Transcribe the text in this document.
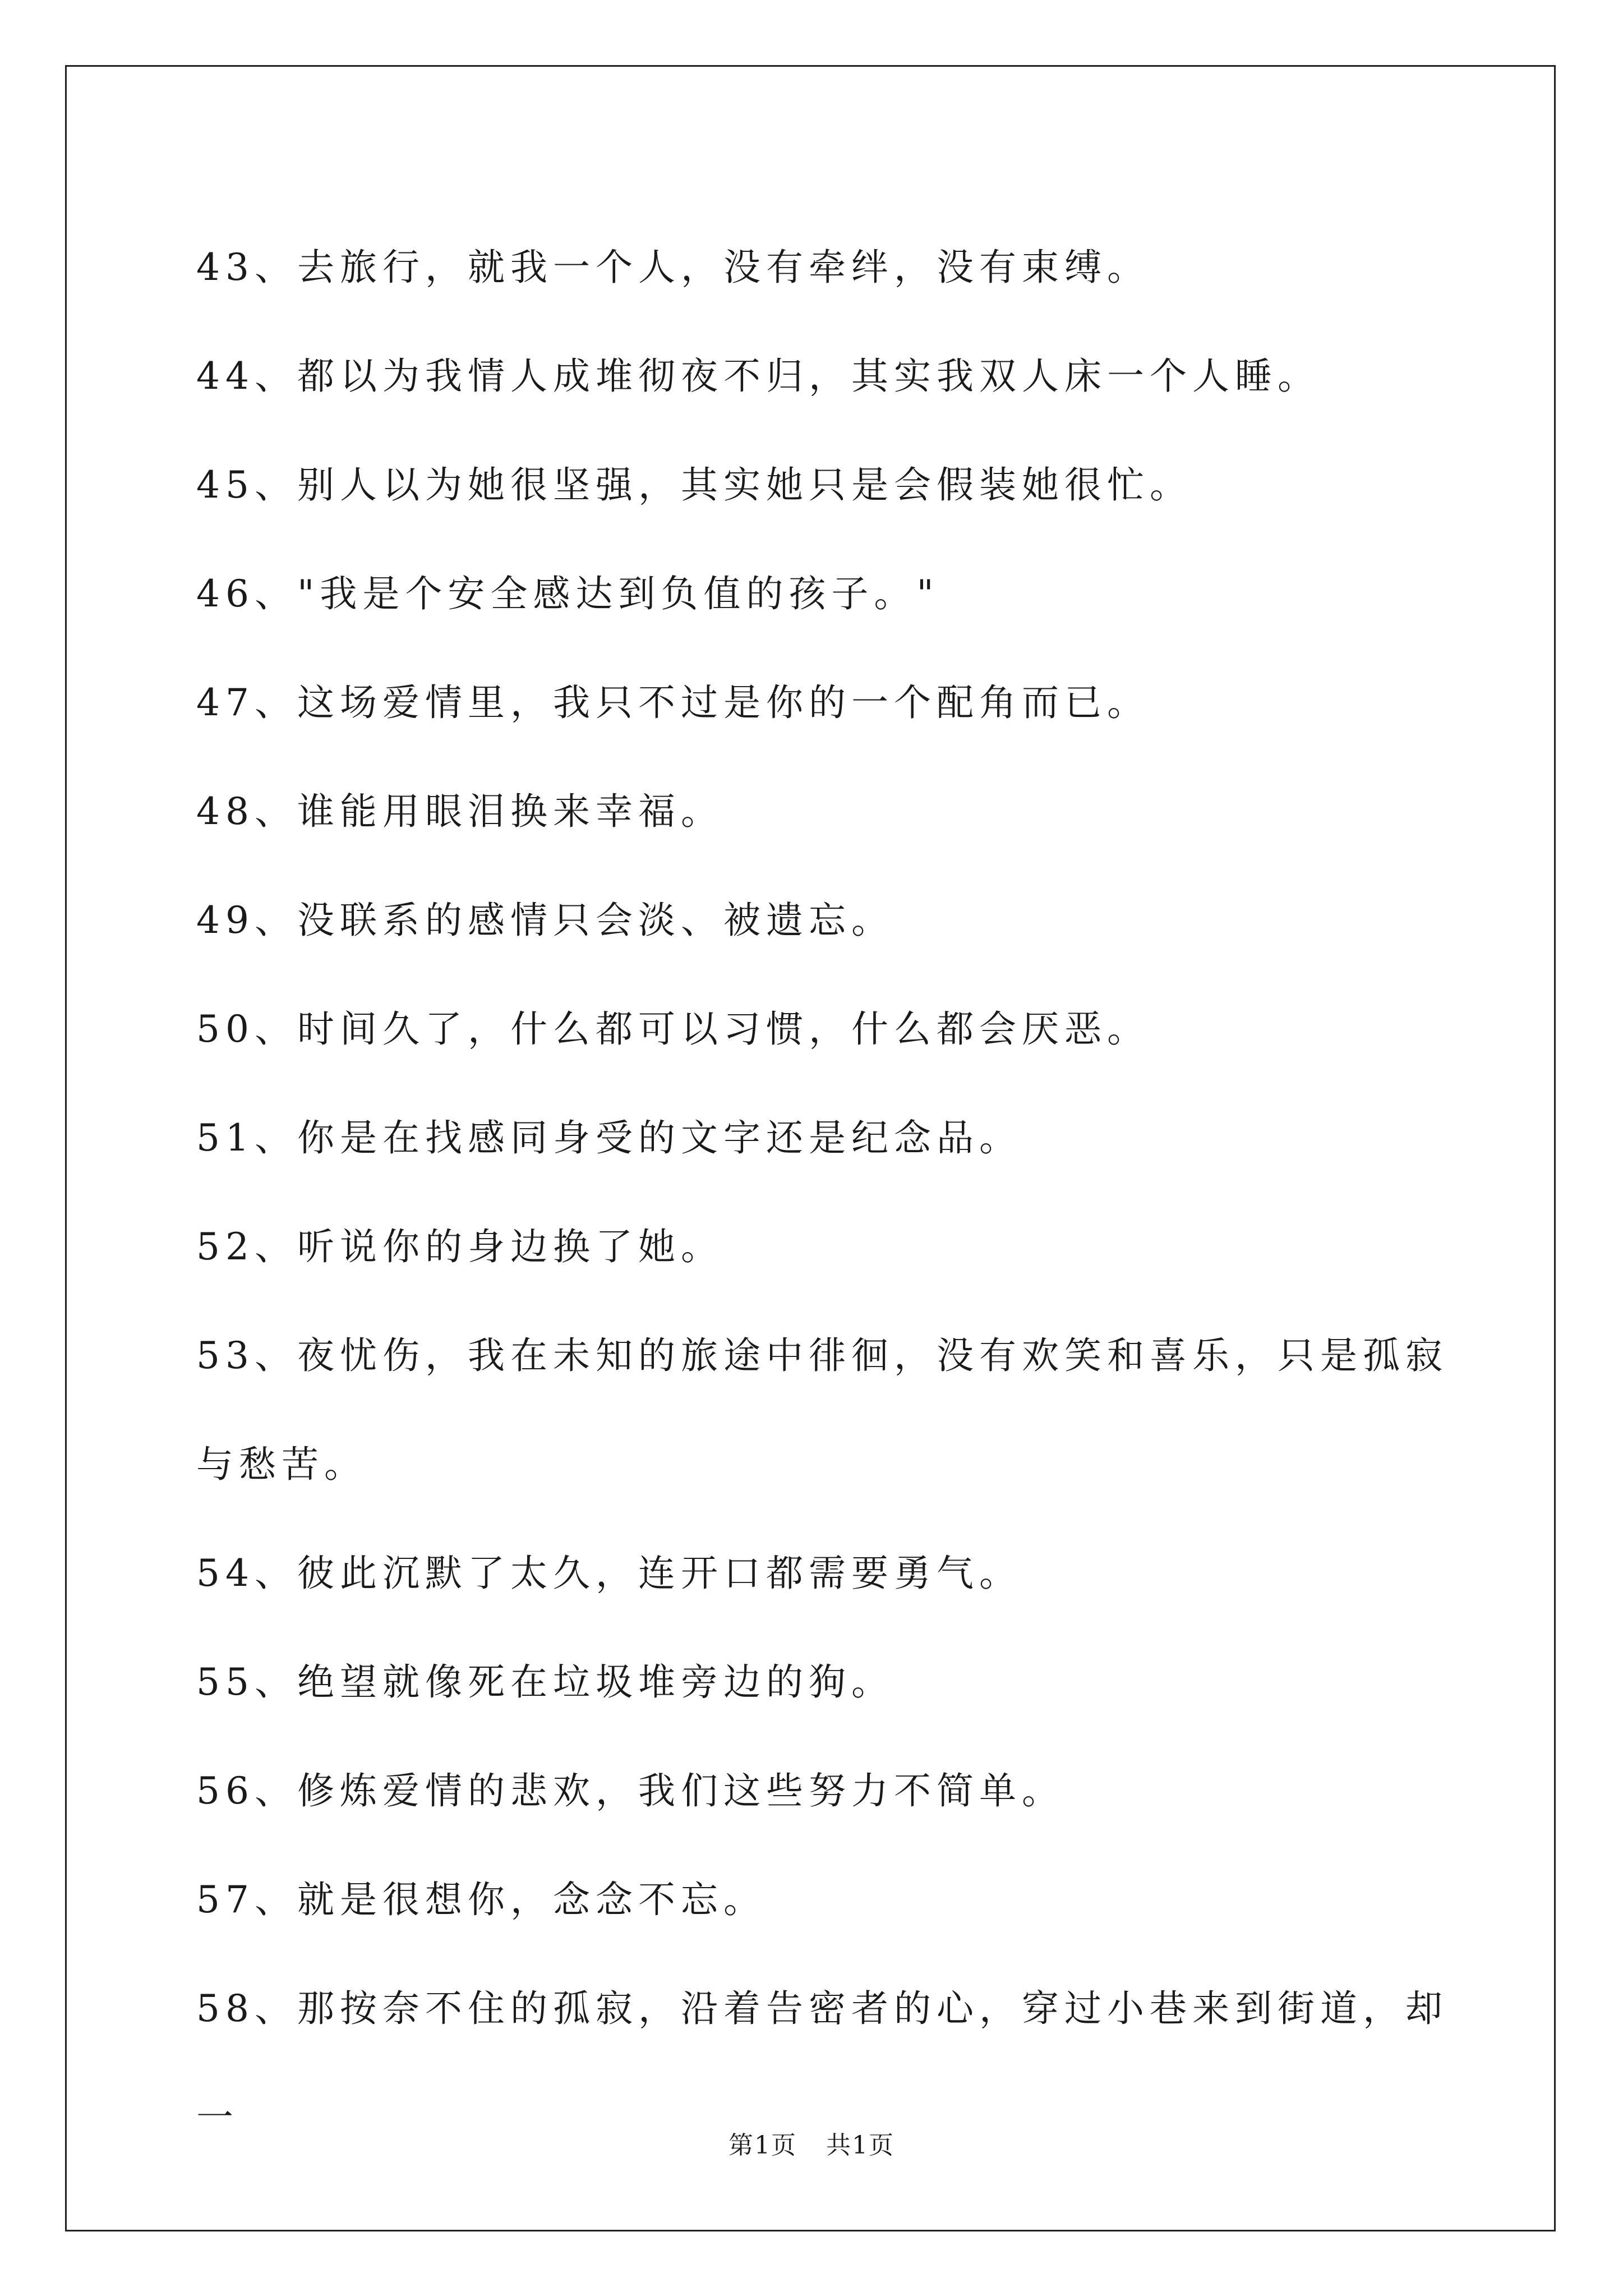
43、去旅行，就我一个人，没有牵绊，没有束缚。
44、都以为我情人成堆彻夜不归，其实我双人床一个人睡。
45、别人以为她很坚强，其实她只是会假装她很忙。
46、"我是个安全感达到负值的孩子。"
47、这场爱情里，我只不过是你的一个配角而已。
48、谁能用眼泪换来幸福。
49、没联系的感情只会淡、被遗忘。
50、时间久了，什么都可以习惯，什么都会厌恶。
51、你是在找感同身受的文字还是纪念品。
52、听说你的身边换了她。
53、夜忧伤，我在未知的旅途中徘徊，没有欢笑和喜乐，只是孤寂与愁苦。
54、彼此沉默了太久，连开口都需要勇气。
55、绝望就像死在垃圾堆旁边的狗。
56、修炼爱情的悲欢，我们这些努力不简单。
57、就是很想你，念念不忘。
58、那按奈不住的孤寂，沿着告密者的心，穿过小巷来到街道，却一
第1页 共1页
